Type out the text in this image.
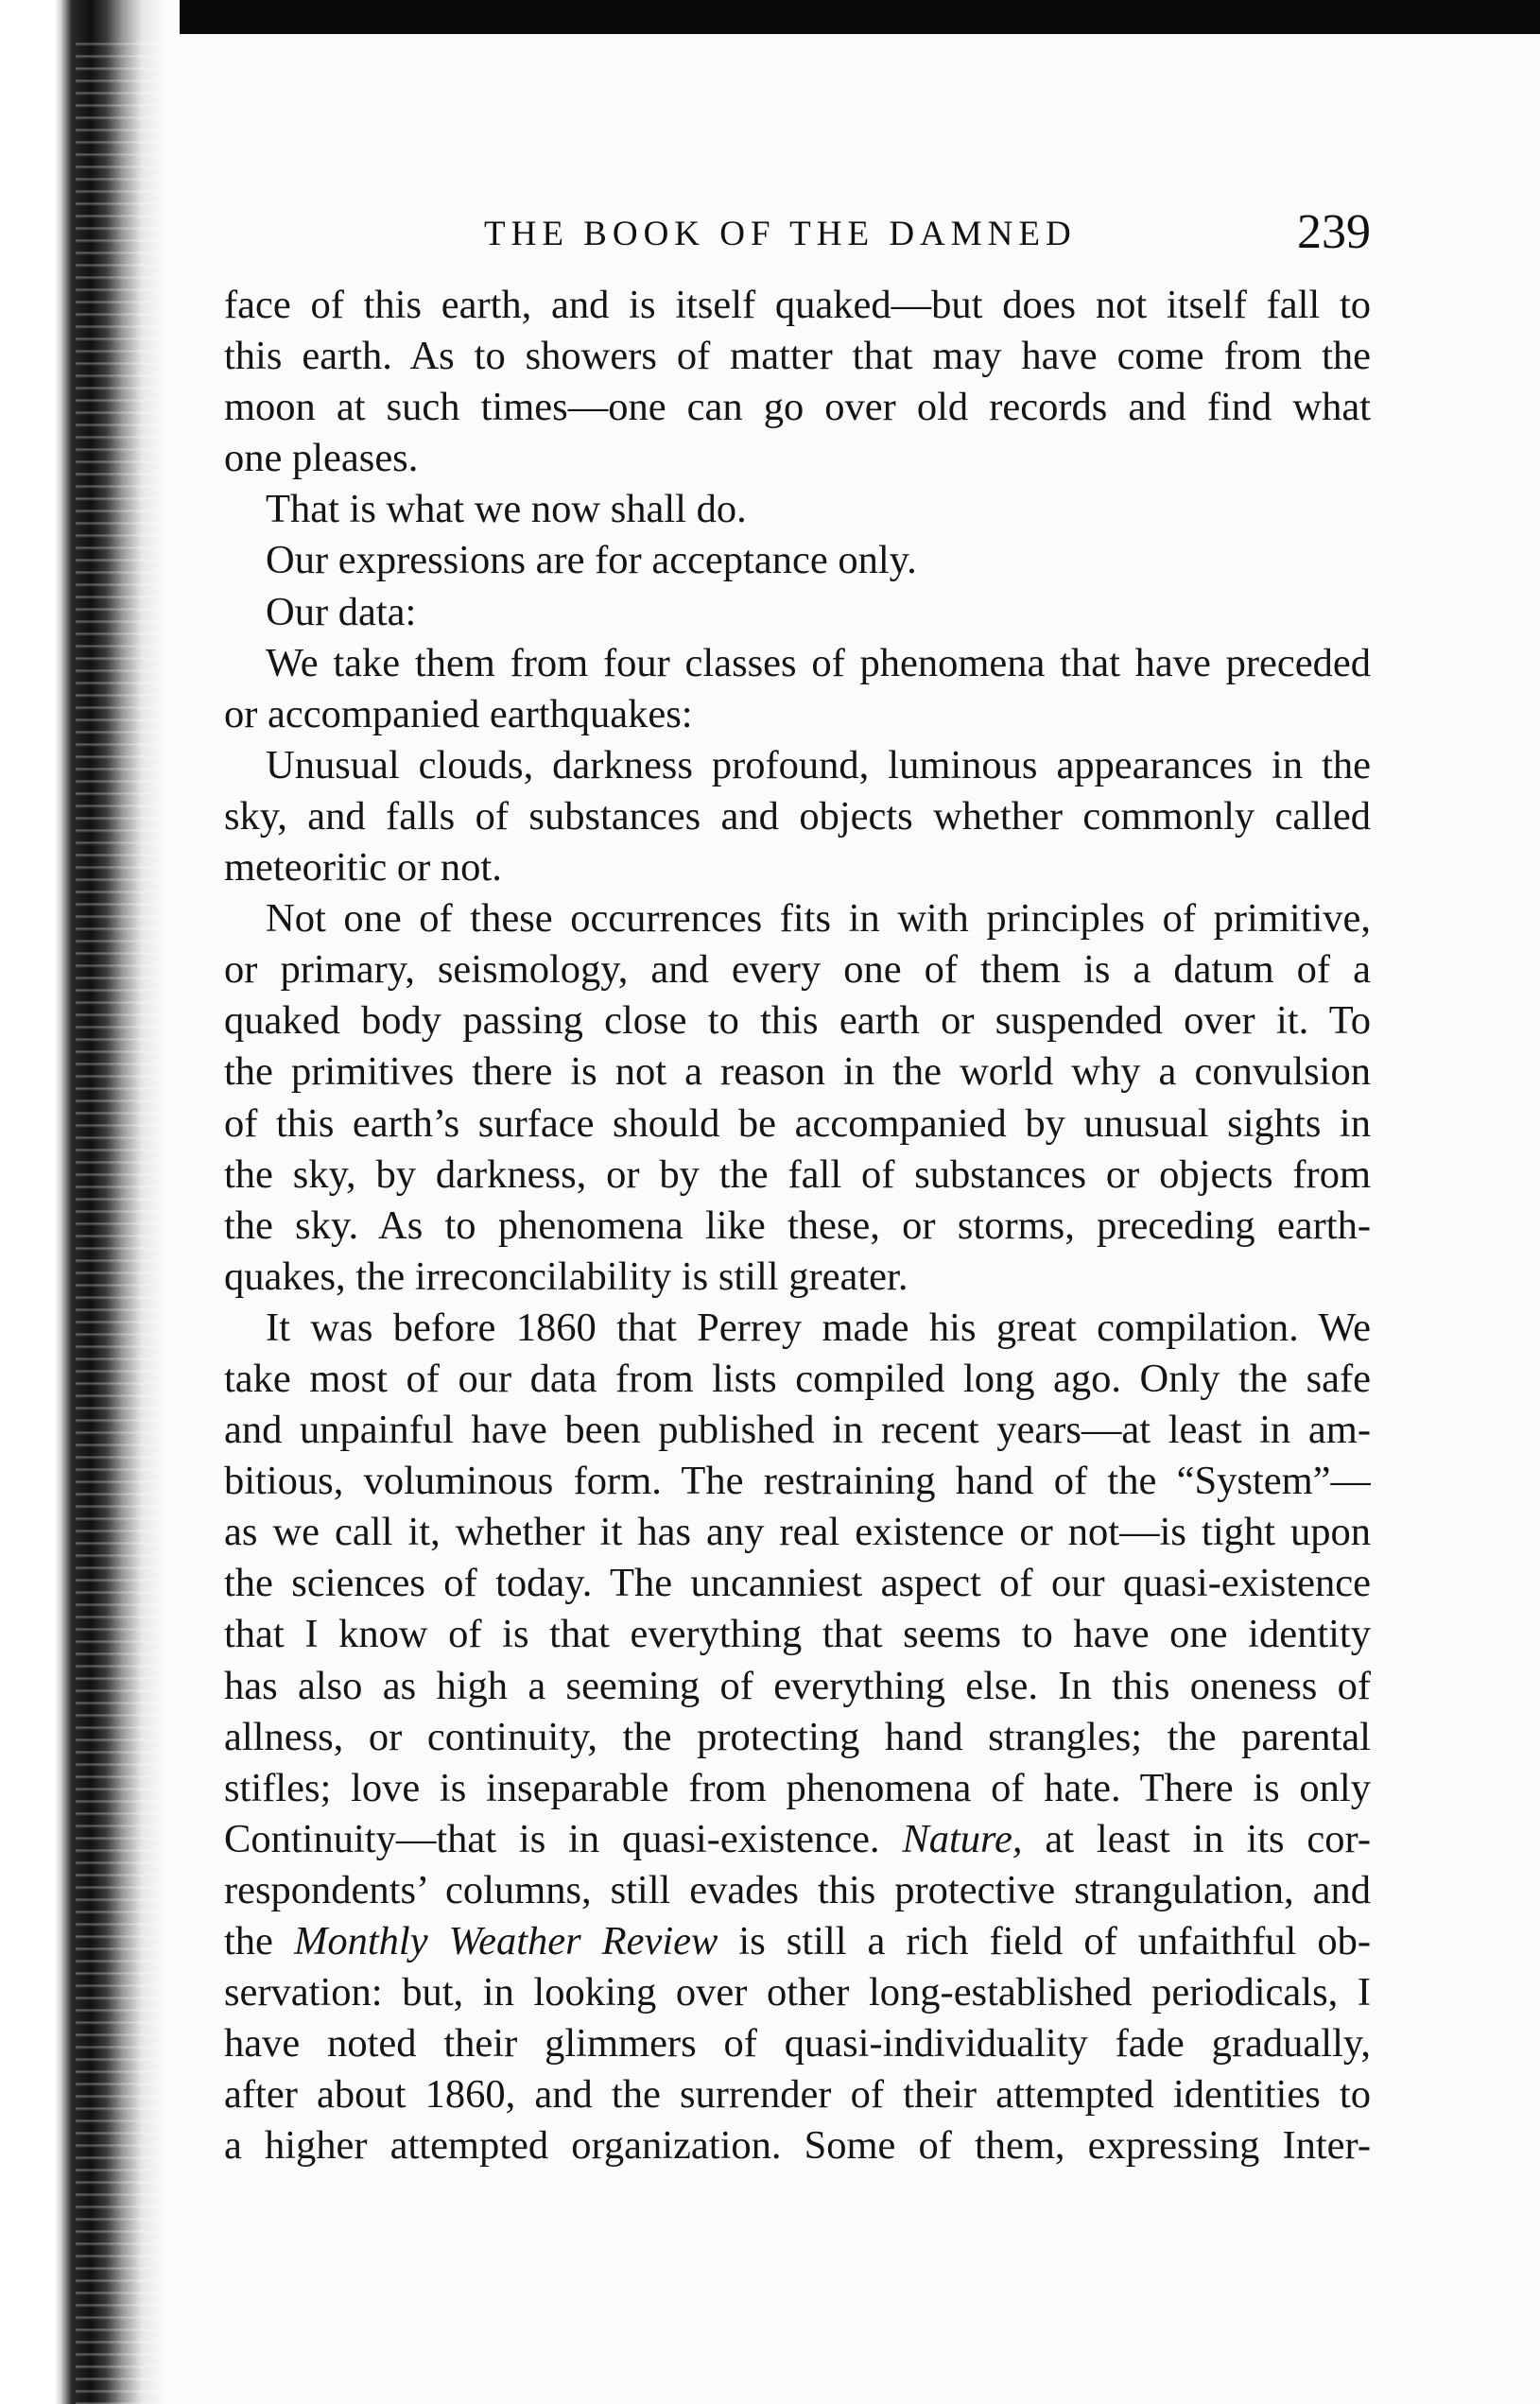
THE BOOK OF THE DAMNED	239
face of this earth, and is itself quaked—but does not itself fall to
this earth. As to showers of matter that may have come from the
moon at such times—one can go over old records and find what
one pleases.
That is what we now shall do.
Our expressions are for acceptance only.
Our data:
We take them from four classes of phenomena that have preceded
or accompanied earthquakes:
Unusual clouds, darkness profound, luminous appearances in the
sky, and falls of substances and objects whether commonly called
meteoritic or not.
Not one of these occurrences fits in with principles of primitive,
or primary, seismology, and every one of them is a datum of a
quaked body passing close to this earth or suspended over it. To
the primitives there is not a reason in the world why a convulsion
of this earth’s surface should be accompanied by unusual sights in
the sky, by darkness, or by the fall of substances or objects from
the sky. As to phenomena like these, or storms, preceding earth-
quakes, the irreconcilability is still greater.
It was before 1860 that Perrey made his great compilation. We
take most of our data from lists compiled long ago. Only the safe
and unpainful have been published in recent years—at least in am-
bitious, voluminous form. The restraining hand of the “System”—
as we call it, whether it has any real existence or not—is tight upon
the sciences of today. The uncanniest aspect of our quasi-existence
that I know of is that everything that seems to have one identity
has also as high a seeming of everything else. In this oneness of
allness, or continuity, the protecting hand strangles; the parental
stifles; love is inseparable from phenomena of hate. There is only
Continuity—that is in quasi-existence. Nature, at least in its cor-
respondents’ columns, still evades this protective strangulation, and
the Monthly Weather Review is still a rich field of unfaithful ob-
servation: but, in looking over other long-established periodicals, I
have noted their glimmers of quasi-individuality fade gradually,
after about 1860, and the surrender of their attempted identities to
a higher attempted organization. Some of them, expressing Inter-
